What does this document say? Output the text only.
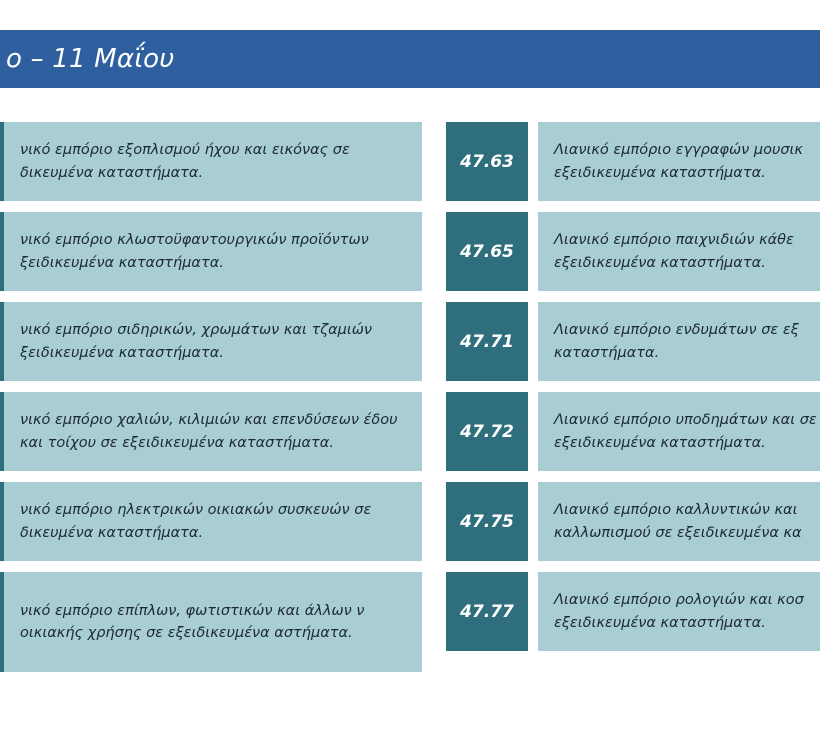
ο – 11 Μαΐου
νικό εμπόριο εξοπλισμού ήχου και εικόνας σε δικευμένα καταστήματα.
νικό εμπόριο κλωστοϋφαντουργικών προϊόντων ξειδικευμένα καταστήματα.
νικό εμπόριο σιδηρικών, χρωμάτων και τζαμιών ξειδικευμένα καταστήματα.
νικό εμπόριο χαλιών, κιλιμιών και επενδύσεων έδου και τοίχου σε εξειδικευμένα καταστήματα.
νικό εμπόριο ηλεκτρικών οικιακών συσκευών σε δικευμένα καταστήματα.
νικό εμπόριο επίπλων, φωτιστικών και άλλων ν οικιακής χρήσης σε εξειδικευμένα αστήματα.
47.63
Λιανικό εμπόριο εγγραφών μουσικ εξειδικευμένα καταστήματα.
47.65
Λιανικό εμπόριο παιχνιδιών κάθε εξειδικευμένα καταστήματα.
47.71
Λιανικό εμπόριο ενδυμάτων σε εξ καταστήματα.
47.72
Λιανικό εμπόριο υποδημάτων και σε εξειδικευμένα καταστήματα.
47.75
Λιανικό εμπόριο καλλυντικών και καλλωπισμού σε εξειδικευμένα κα
47.77
Λιανικό εμπόριο ρολογιών και κοσ εξειδικευμένα καταστήματα.
